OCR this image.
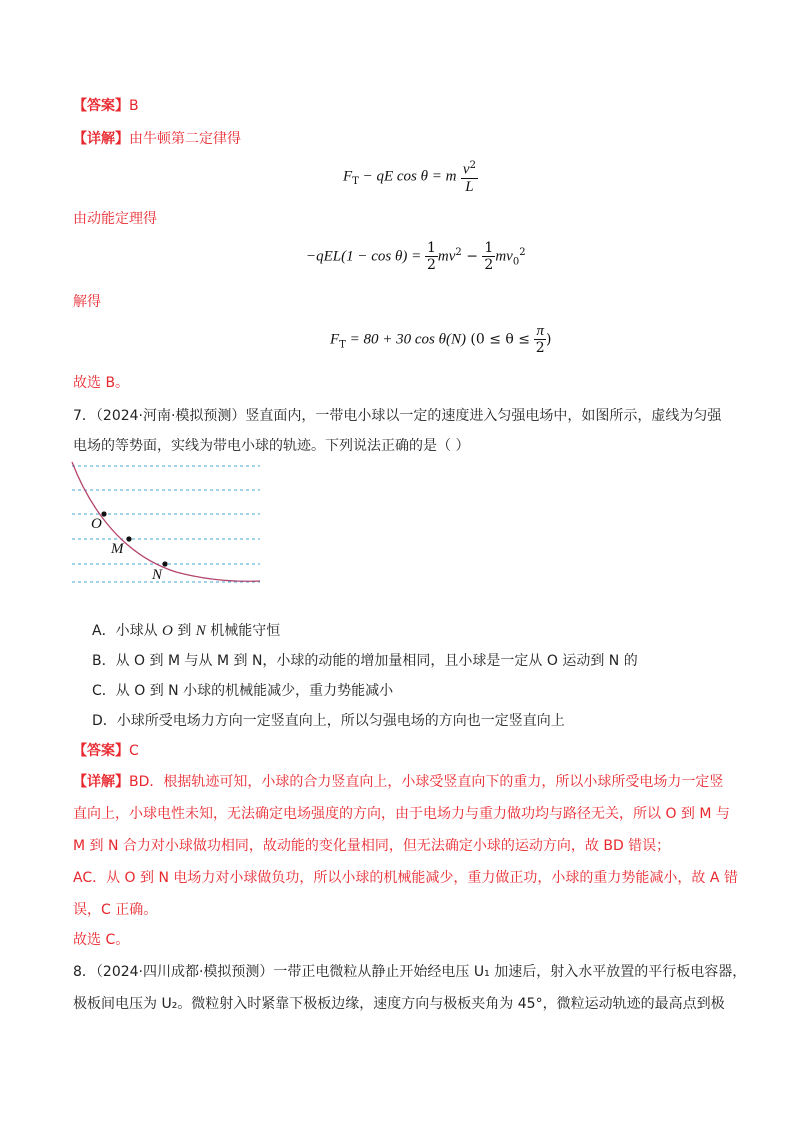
【答案】B
【详解】由牛顿第二定律得
$F_T$ − qE cos θ = m $\frac{v^2}{L}$
由动能定理得
$-qEL(1 - \cos \theta) = \frac{1}{2} mv^2 - \frac{1}{2} mv_0^2$
解得
$F_T = 80 + 30$ cos θ(N) ($0 \le \theta \le \frac{\pi}{2}$ )
故选 B。
7．（2024·河南·模拟预测）竖直面内，一带电小球以一定的速度进入匀强电场中，如图所示，虚线为匀强
电场的等势面，实线为带电小球的轨迹。下列说法正确的是（ ）
O
M
N
A．小球从 O 到 N 机械能守恒
B．从 O 到 M 与从 M 到 N，小球的动能的增加量相同，且小球是一定从 O 运动到 N 的
C．从 O 到 N 小球的机械能减少，重力势能减小
D．小球所受电场力方向一定竖直向上，所以匀强电场的方向也一定竖直向上
【答案】C
【详解】BD．根据轨迹可知，小球的合力竖直向上，小球受竖直向下的重力，所以小球所受电场力一定竖
直向上，小球电性未知，无法确定电场强度的方向，由于电场力与重力做功均与路径无关，所以 O 到 M 与
M 到 N 合力对小球做功相同，故动能的变化量相同，但无法确定小球的运动方向，故 BD 错误；
AC．从 O 到 N 电场力对小球做负功，所以小球的机械能减少，重力做正功，小球的重力势能减小，故 A 错
误，C 正确。
故选 C。
8．（2024·四川成都·模拟预测）一带正电微粒从静止开始经电压 U₁ 加速后，射入水平放置的平行板电容器，
极板间电压为 U₂。微粒射入时紧靠下极板边缘，速度方向与极板夹角为 45°，微粒运动轨迹的最高点到极
